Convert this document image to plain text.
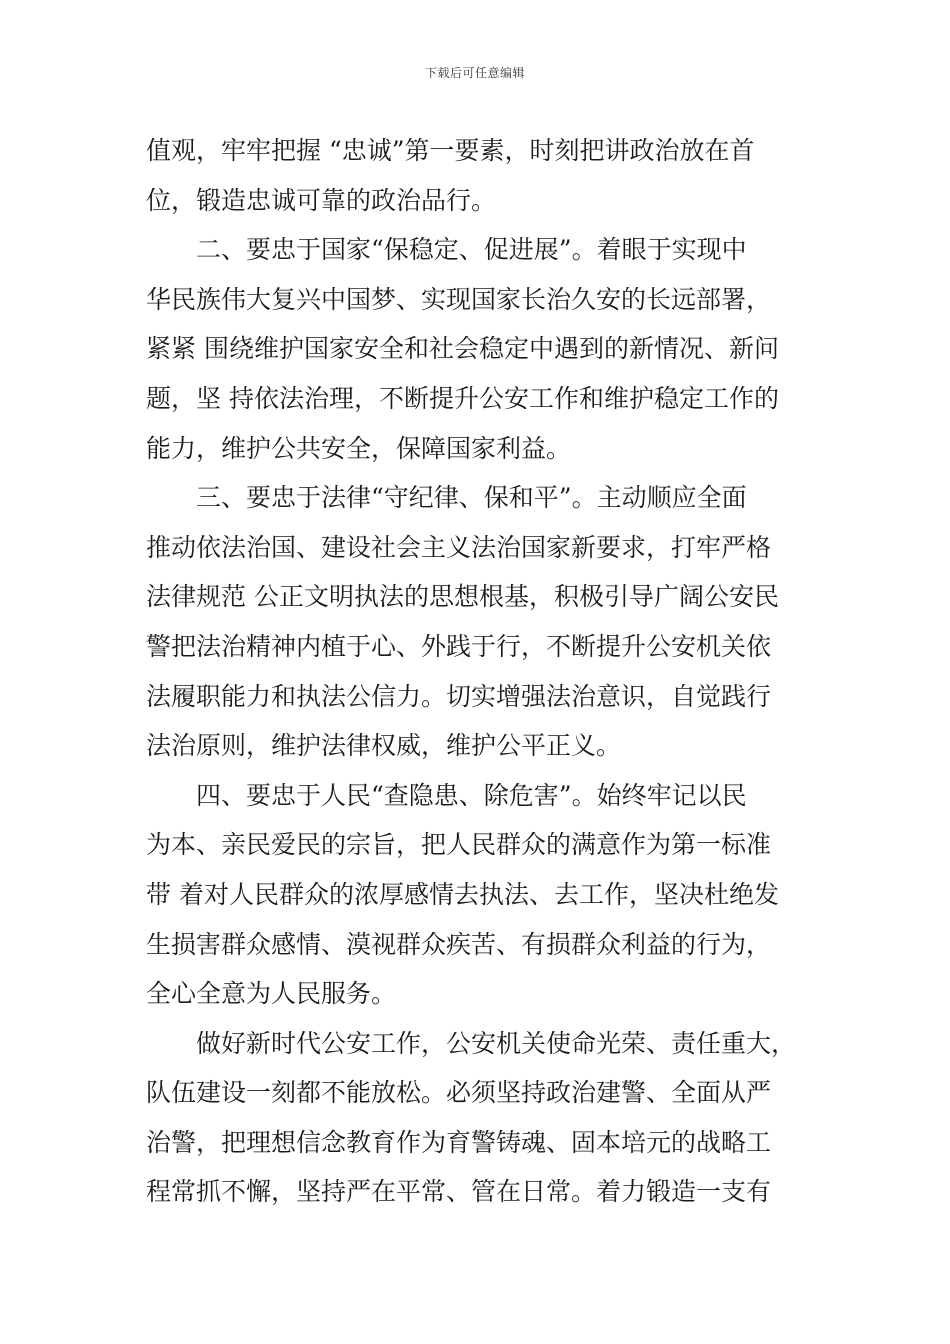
下载后可任意编辑
值观，牢牢把握 “忠诚”第一要素，时刻把讲政治放在首
位，锻造忠诚可靠的政治品行。
二、要忠于国家“保稳定、促进展”。着眼于实现中
华民族伟大复兴中国梦、实现国家长治久安的长远部署，
紧紧 围绕维护国家安全和社会稳定中遇到的新情况、新问
题，坚 持依法治理，不断提升公安工作和维护稳定工作的
能力，维护公共安全，保障国家利益。
三、要忠于法律“守纪律、保和平”。主动顺应全面
推动依法治国、建设社会主义法治国家新要求，打牢严格
法律规范 公正文明执法的思想根基，积极引导广阔公安民
警把法治精神内植于心、外践于行，不断提升公安机关依
法履职能力和执法公信力。切实增强法治意识，自觉践行
法治原则，维护法律权威，维护公平正义。
四、要忠于人民“查隐患、除危害”。始终牢记以民
为本、亲民爱民的宗旨，把人民群众的满意作为第一标准
带 着对人民群众的浓厚感情去执法、去工作，坚决杜绝发
生损害群众感情、漠视群众疾苦、有损群众利益的行为，
全心全意为人民服务。
做好新时代公安工作，公安机关使命光荣、责任重大，
队伍建设一刻都不能放松。必须坚持政治建警、全面从严
治警，把理想信念教育作为育警铸魂、固本培元的战略工
程常抓不懈，坚持严在平常、管在日常。着力锻造一支有
